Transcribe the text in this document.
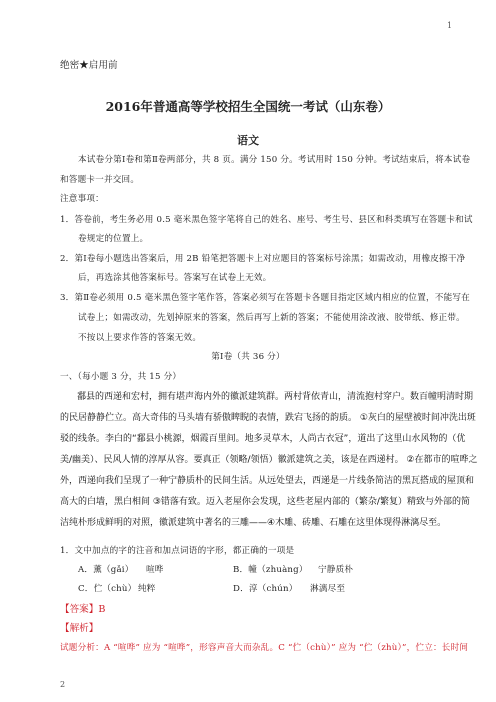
1
绝密★启用前
2016年普通高等学校招生全国统一考试（山东卷）
语文
本试卷分第Ⅰ卷和第Ⅱ卷两部分，共 8 页。满分 150 分。考试用时 150 分钟。考试结束后，将本试卷
和答题卡一并交回。
注意事项：
1．答卷前，考生务必用 0.5 毫米黑色签字笔将自己的姓名、座号、考生号、县区和科类填写在答题卡和试
卷规定的位置上。
2．第Ⅰ卷每小题选出答案后，用 2B 铅笔把答题卡上对应题目的答案标号涂黑；如需改动，用橡皮擦干净
后，再选涂其他答案标号。答案写在试卷上无效。
3．第Ⅱ卷必须用 0.5 毫米黑色签字笔作答，答案必须写在答题卡各题目指定区域内相应的位置，不能写在
试卷上；如需改动，先划掉原来的答案，然后再写上新的答案；不能使用涂改液、胶带纸、修正带。
不按以上要求作答的答案无效。
第Ⅰ卷（共 36 分）
一、（每小题 3 分，共 15 分）
鄱县的西递和宏村，拥有堪声海内外的徽派建筑群。两村背依青山，清流抱村穿户。数百幢明清时期
的民居静静伫立。高大奇伟的马头墙有骄傲睥睨的表情，跌宕飞扬的韵质。 ①灰白的屋壁被时间冲洗出斑
驳的线条。李白的“鄱县小桃源，烟霞百里间。地多灵草木，人尚古衣冠”，道出了这里山水风物的（优
美/幽美）、民风人情的淳厚从容。要真正（领略/领悟）徽派建筑之美，该是在西递村。 ②在都市的喧哗之
外，西递向我们呈现了一种宁静质朴的民间生活。从远处望去，西递是一片线条简洁的黑瓦搭成的屋顶和
高大的白墙，黑白相间 ③错落有致。迈入老屋你会发现，这些老屋内部的（繁杂/繁复）精致与外部的简
洁纯朴形成鲜明的对照，徽派建筑中著名的三雕——④木雕、砖雕、石雕在这里体现得淋漓尽至。
1．文中加点的字的注音和加点词语的字形，都正确的一项是
A．薰（gǎi） 喧哗	B．幢（zhuàng） 宁静质朴
C．伫（chù） 纯粹	D．淳（chún） 淋漓尽至
【答案】B
【解析】
试题分析：A “喧哗” 应为 “喧哗”，形容声音大而杂乱。C “伫（chù）” 应为 “伫（zhù）”，伫立：长时间
2
